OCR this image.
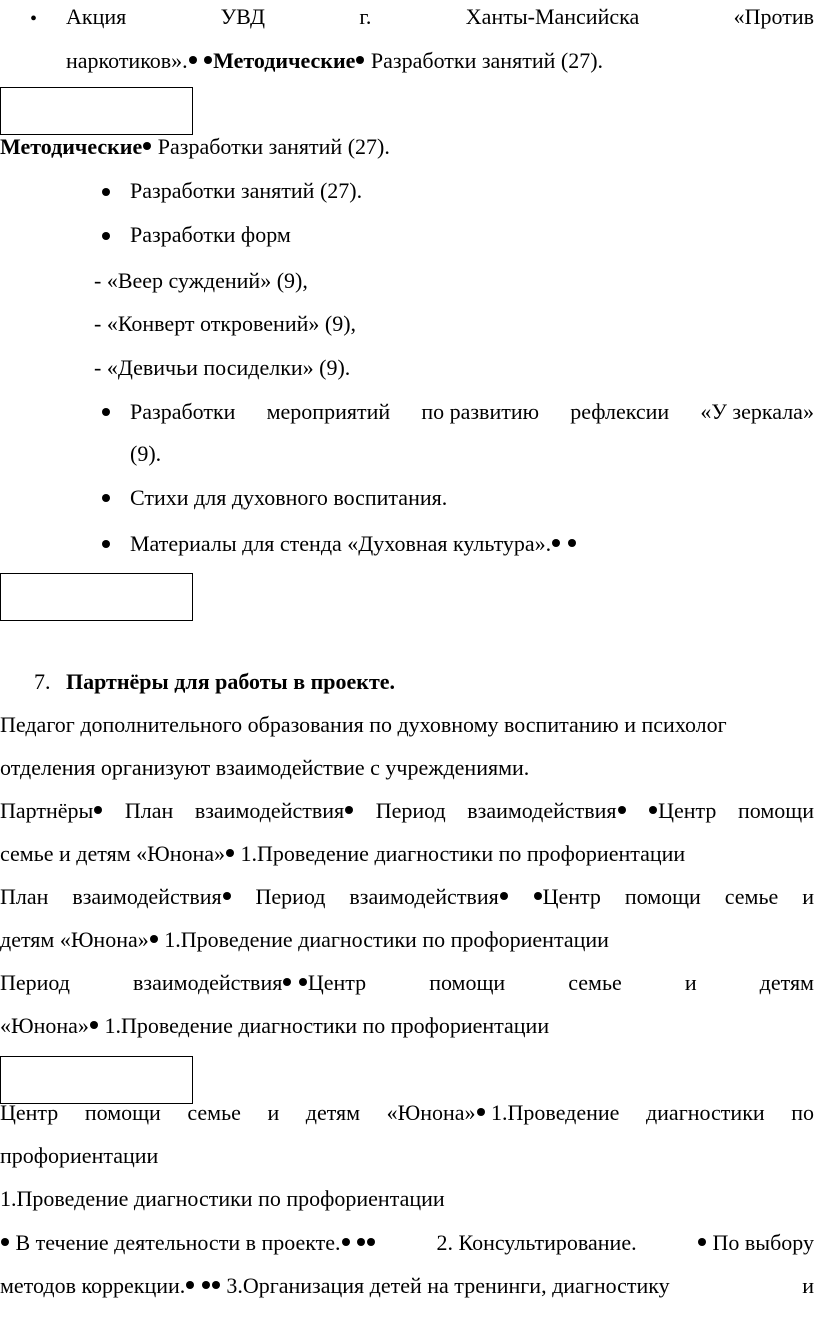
• Акция	УВД	г.	Ханты-Мансийска	«Против
наркотиков». Методические Разработки занятий (27).
Методические Разработки занятий (27).
Разработки занятий (27).
Разработки форм
- «Веер суждений» (9),
- «Конверт откровений» (9),
- «Девичьи посиделки» (9).
Разработки мероприятий по развитию рефлексии «У зеркала»
(9).
Стихи для духовного воспитания.
Материалы для стенда «Духовная культура».
7. Партнёры для работы в проекте.
Педагог дополнительного образования по духовному воспитанию и психолог
отделения организуют взаимодействие с учреждениями.
Партнёры	План взаимодействия	Период взаимодействия	Центр помощи
семье и детям «Юнона» 1.Проведение диагностики по профориентации
План взаимодействия	Период взаимодействия	Центр помощи семье и
детям «Юнона» 1.Проведение диагностики по профориентации
Период	взаимодействия Центр	помощи	семье	и	детям
«Юнона» 1.Проведение диагностики по профориентации
Центр помощи семье и детям «Юнона» 1.Проведение диагностики по
профориентации
1.Проведение диагностики по профориентации
В течение деятельности в проекте.	2. Консультирование.	По выбору
методов коррекции. 3.Организация детей на тренинги, диагностику	и
